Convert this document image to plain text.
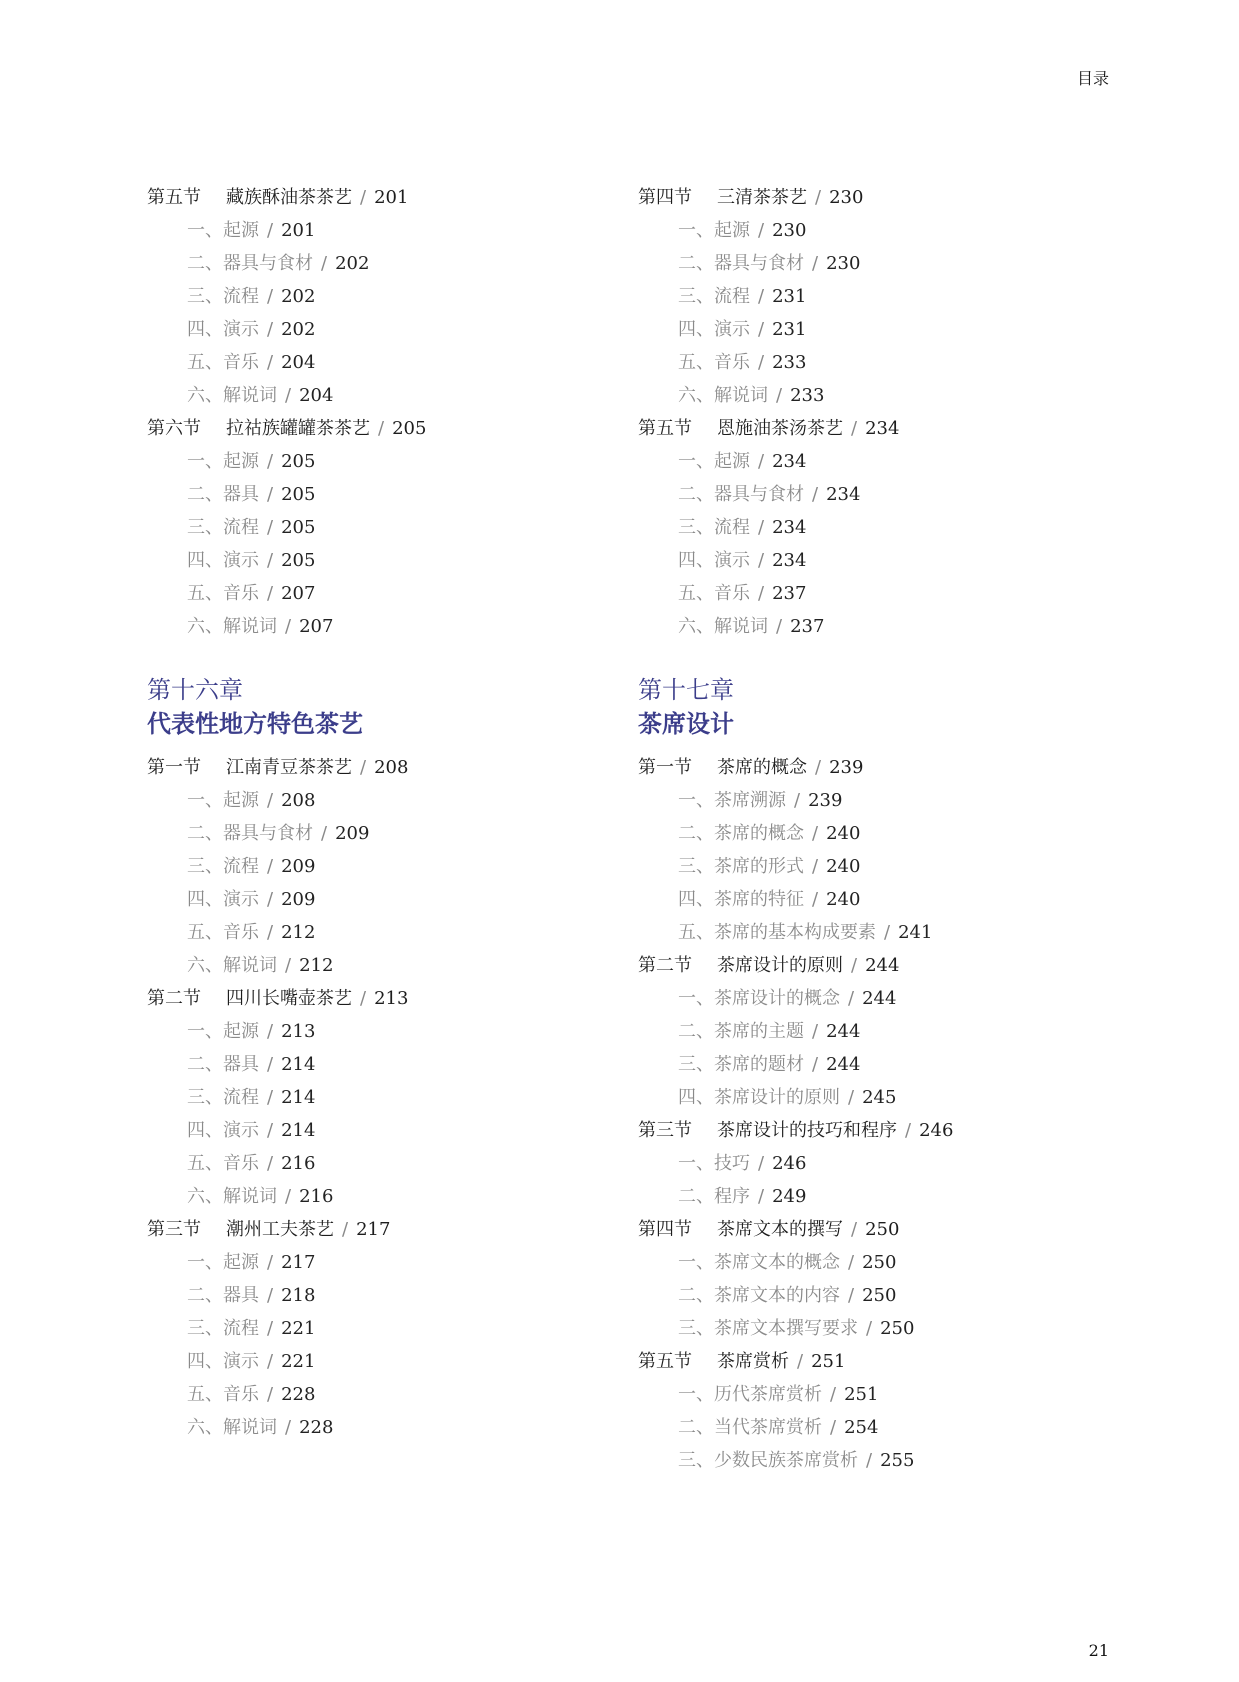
目录
第五节	藏族酥油茶茶艺 / 201
一、起源 / 201
二、器具与食材 / 202
三、流程 / 202
四、演示 / 202
五、音乐 / 204
六、解说词 / 204
第六节	拉祜族罐罐茶茶艺 / 205
一、起源 / 205
二、器具 / 205
三、流程 / 205
四、演示 / 205
五、音乐 / 207
六、解说词 / 207
第十六章
代表性地方特色茶艺
第一节	江南青豆茶茶艺 / 208
一、起源 / 208
二、器具与食材 / 209
三、流程 / 209
四、演示 / 209
五、音乐 / 212
六、解说词 / 212
第二节	四川长嘴壶茶艺 / 213
一、起源 / 213
二、器具 / 214
三、流程 / 214
四、演示 / 214
五、音乐 / 216
六、解说词 / 216
第三节	潮州工夫茶艺 / 217
一、起源 / 217
二、器具 / 218
三、流程 / 221
四、演示 / 221
五、音乐 / 228
六、解说词 / 228
第四节	三清茶茶艺 / 230
一、起源 / 230
二、器具与食材 / 230
三、流程 / 231
四、演示 / 231
五、音乐 / 233
六、解说词 / 233
第五节	恩施油茶汤茶艺 / 234
一、起源 / 234
二、器具与食材 / 234
三、流程 / 234
四、演示 / 234
五、音乐 / 237
六、解说词 / 237
第十七章
茶席设计
第一节	茶席的概念 / 239
一、茶席溯源 / 239
二、茶席的概念 / 240
三、茶席的形式 / 240
四、茶席的特征 / 240
五、茶席的基本构成要素 / 241
第二节	茶席设计的原则 / 244
一、茶席设计的概念 / 244
二、茶席的主题 / 244
三、茶席的题材 / 244
四、茶席设计的原则 / 245
第三节	茶席设计的技巧和程序 / 246
一、技巧 / 246
二、程序 / 249
第四节	茶席文本的撰写 / 250
一、茶席文本的概念 / 250
二、茶席文本的内容 / 250
三、茶席文本撰写要求 / 250
第五节	茶席赏析 / 251
一、历代茶席赏析 / 251
二、当代茶席赏析 / 254
三、少数民族茶席赏析 / 255
21
